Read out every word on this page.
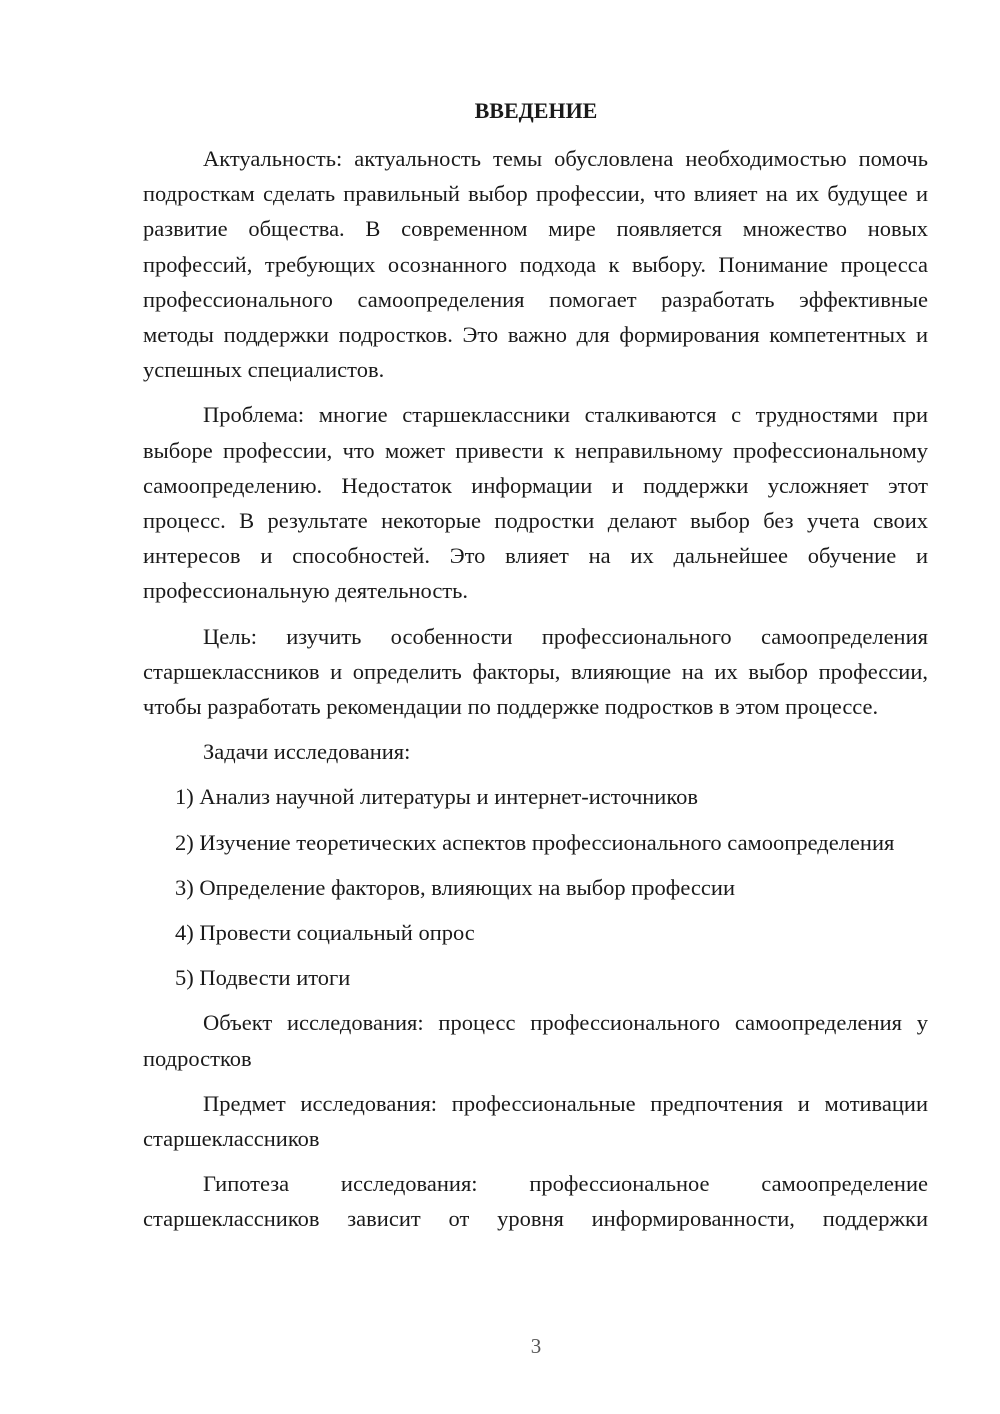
ВВЕДЕНИЕ

Актуальность: актуальность темы обусловлена необходимостью помочь подросткам сделать правильный выбор профессии, что влияет на их будущее и развитие общества. В современном мире появляется множество новых профессий, требующих осознанного подхода к выбору. Понимание процесса профессионального самоопределения помогает разработать эффективные методы поддержки подростков. Это важно для формирования компетентных и успешных специалистов.

Проблема: многие старшеклассники сталкиваются с трудностями при выборе профессии, что может привести к неправильному профессиональному самоопределению. Недостаток информации и поддержки усложняет этот процесс. В результате некоторые подростки делают выбор без учета своих интересов и способностей. Это влияет на их дальнейшее обучение и профессиональную деятельность.

Цель: изучить особенности профессионального самоопределения старшеклассников и определить факторы, влияющие на их выбор профессии, чтобы разработать рекомендации по поддержке подростков в этом процессе.

Задачи исследования:

1) Анализ научной литературы и интернет-источников

2) Изучение теоретических аспектов профессионального самоопределения

3) Определение факторов, влияющих на выбор профессии

4) Провести социальный опрос

5) Подвести итоги

Объект исследования: процесс профессионального самоопределения у подростков

Предмет исследования: профессиональные предпочтения и мотивации старшеклассников

Гипотеза исследования: профессиональное самоопределение старшеклассников зависит от уровня информированности, поддержки

3
